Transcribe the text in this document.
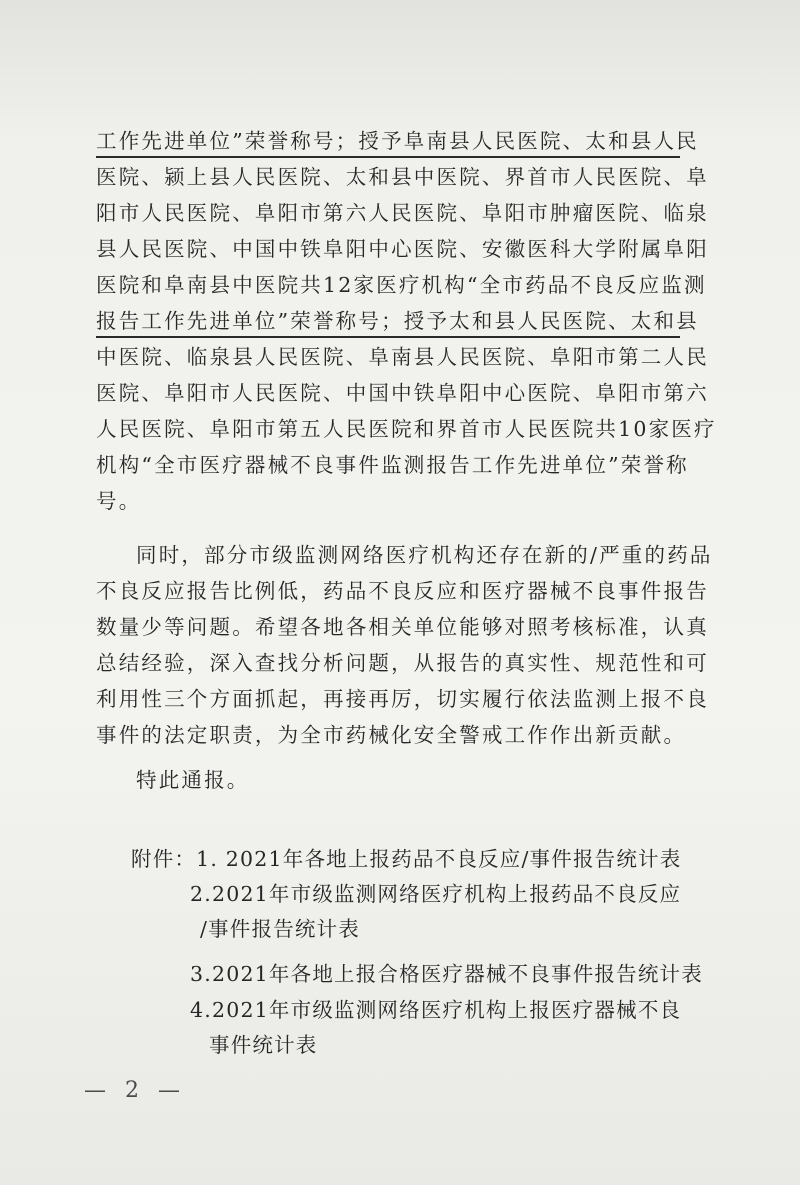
工作先进单位”荣誉称号；授予阜南县人民医院、太和县人民
医院、颍上县人民医院、太和县中医院、界首市人民医院、阜
阳市人民医院、阜阳市第六人民医院、阜阳市肿瘤医院、临泉
县人民医院、中国中铁阜阳中心医院、安徽医科大学附属阜阳
医院和阜南县中医院共12家医疗机构“全市药品不良反应监测
报告工作先进单位”荣誉称号；授予太和县人民医院、太和县
中医院、临泉县人民医院、阜南县人民医院、阜阳市第二人民
医院、阜阳市人民医院、中国中铁阜阳中心医院、阜阳市第六
人民医院、阜阳市第五人民医院和界首市人民医院共10家医疗
机构“全市医疗器械不良事件监测报告工作先进单位”荣誉称
号。
同时，部分市级监测网络医疗机构还存在新的/严重的药品
不良反应报告比例低，药品不良反应和医疗器械不良事件报告
数量少等问题。希望各地各相关单位能够对照考核标准，认真
总结经验，深入查找分析问题，从报告的真实性、规范性和可
利用性三个方面抓起，再接再厉，切实履行依法监测上报不良
事件的法定职责，为全市药械化安全警戒工作作出新贡献。
特此通报。
附件：1. 2021年各地上报药品不良反应/事件报告统计表
2.2021年市级监测网络医疗机构上报药品不良反应
/事件报告统计表
3.2021年各地上报合格医疗器械不良事件报告统计表
4.2021年市级监测网络医疗机构上报医疗器械不良
事件统计表
— 2 —
